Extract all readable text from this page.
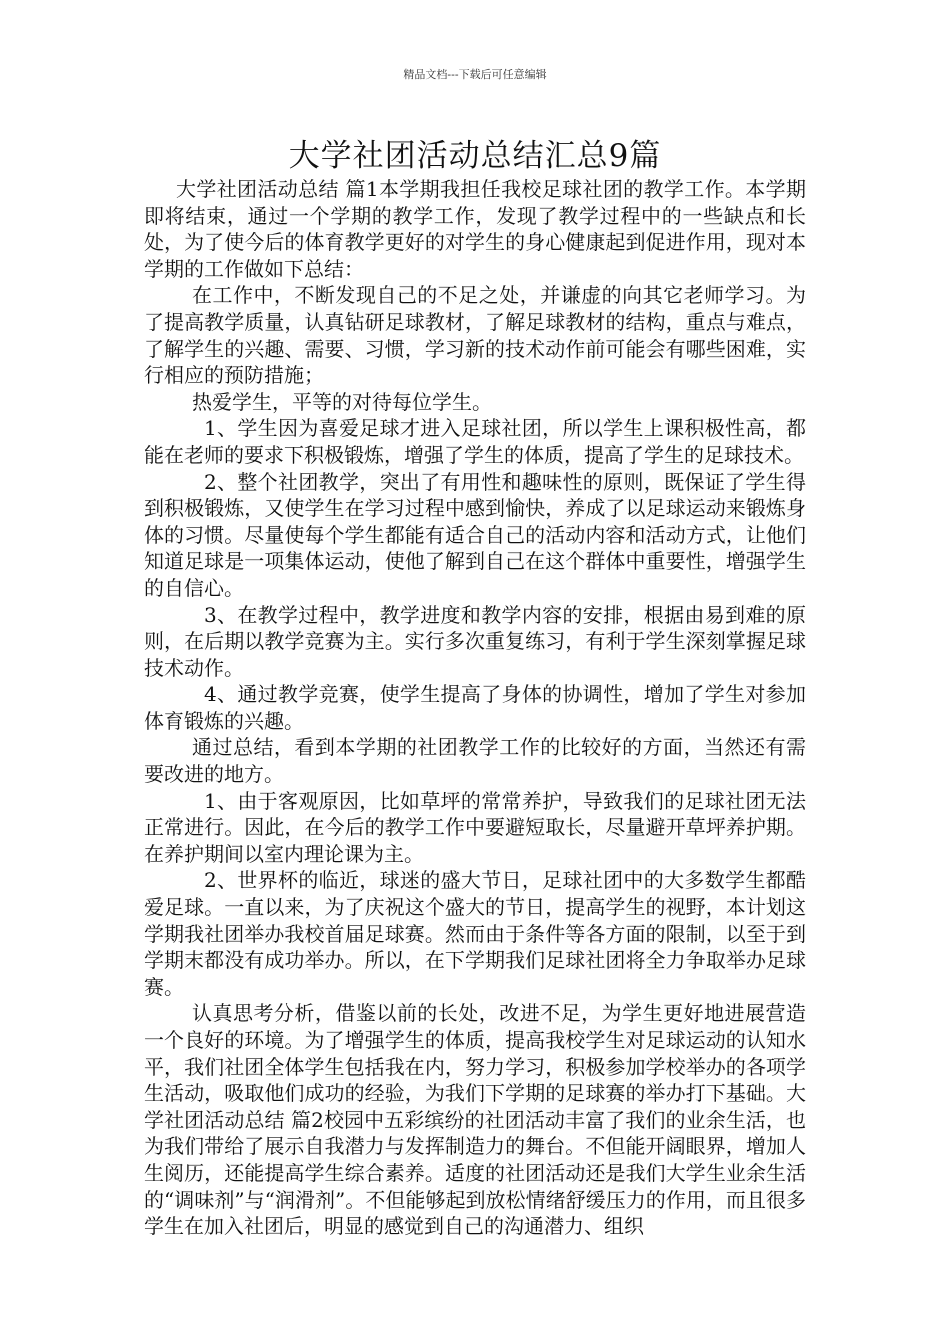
精品文档---下载后可任意编辑
大学社团活动总结汇总9篇

大学社团活动总结 篇1本学期我担任我校足球社团的教学工作。本学期即将结束，通过一个学期的教学工作，发现了教学过程中的一些缺点和长处，为了使今后的体育教学更好的对学生的身心健康起到促进作用，现对本学期的工作做如下总结：

在工作中，不断发现自己的不足之处，并谦虚的向其它老师学习。为了提高教学质量，认真钻研足球教材，了解足球教材的结构，重点与难点，了解学生的兴趣、需要、习惯，学习新的技术动作前可能会有哪些困难，实行相应的预防措施；

热爱学生，平等的对待每位学生。

1、学生因为喜爱足球才进入足球社团，所以学生上课积极性高，都能在老师的要求下积极锻炼，增强了学生的体质，提高了学生的足球技术。

2、整个社团教学，突出了有用性和趣味性的原则，既保证了学生得到积极锻炼，又使学生在学习过程中感到愉快，养成了以足球运动来锻炼身体的习惯。尽量使每个学生都能有适合自己的活动内容和活动方式，让他们知道足球是一项集体运动，使他了解到自己在这个群体中重要性，增强学生的自信心。

3、在教学过程中，教学进度和教学内容的安排，根据由易到难的原则，在后期以教学竞赛为主。实行多次重复练习，有利于学生深刻掌握足球技术动作。

4、通过教学竞赛，使学生提高了身体的协调性，增加了学生对参加体育锻炼的兴趣。

通过总结，看到本学期的社团教学工作的比较好的方面，当然还有需要改进的地方。

1、由于客观原因，比如草坪的常常养护，导致我们的足球社团无法正常进行。因此，在今后的教学工作中要避短取长，尽量避开草坪养护期。在养护期间以室内理论课为主。

2、世界杯的临近，球迷的盛大节日，足球社团中的大多数学生都酷爱足球。一直以来，为了庆祝这个盛大的节日，提高学生的视野，本计划这学期我社团举办我校首届足球赛。然而由于条件等各方面的限制，以至于到学期末都没有成功举办。所以，在下学期我们足球社团将全力争取举办足球赛。

认真思考分析，借鉴以前的长处，改进不足，为学生更好地进展营造一个良好的环境。为了增强学生的体质，提高我校学生对足球运动的认知水平，我们社团全体学生包括我在内，努力学习，积极参加学校举办的各项学生活动，吸取他们成功的经验，为我们下学期的足球赛的举办打下基础。大学社团活动总结 篇2校园中五彩缤纷的社团活动丰富了我们的业余生活，也为我们带给了展示自我潜力与发挥制造力的舞台。不但能开阔眼界，增加人生阅历，还能提高学生综合素养。适度的社团活动还是我们大学生业余生活的“调味剂”与“润滑剂”。不但能够起到放松情绪舒缓压力的作用，而且很多学生在加入社团后，明显的感觉到自己的沟通潜力、组织
